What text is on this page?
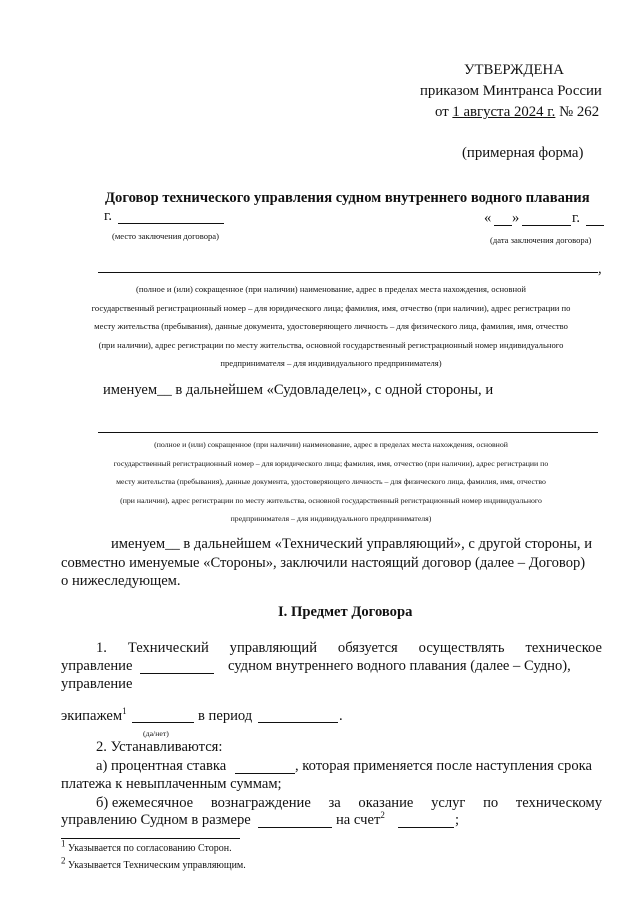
УТВЕРЖДЕНА
приказом Минтранса России
от 1 августа 2024 г. № 262
(примерная форма)
Договор технического управления судном внутреннего водного плавания
г.
(место заключения договора)
« »	г.
(дата заключения договора)
,
(полное и (или) сокращенное (при наличии) наименование, адрес в пределах места нахождения, основной
государственный регистрационный номер – для юридического лица; фамилия, имя, отчество (при наличии), адрес регистрации по
месту жительства (пребывания), данные документа, удостоверяющего личность – для физического лица, фамилия, имя, отчество
(при наличии), адрес регистрации по месту жительства, основной государственный регистрационный номер индивидуального
предпринимателя – для индивидуального предпринимателя)
именуем__ в дальнейшем «Судовладелец», с одной стороны, и
(полное и (или) сокращенное (при наличии) наименование, адрес в пределах места нахождения, основной
государственный регистрационный номер – для юридического лица; фамилия, имя, отчество (при наличии), адрес регистрации по
месту жительства (пребывания), данные документа, удостоверяющего личность – для физического лица, фамилия, имя, отчество
(при наличии), адрес регистрации по месту жительства, основной государственный регистрационный номер индивидуального
предпринимателя – для индивидуального предпринимателя)
именуем__ в дальнейшем «Технический управляющий», с другой стороны, и
совместно именуемые «Стороны», заключили настоящий договор (далее – Договор)
о нижеследующем.
I. Предмет Договора
1. Технический управляющий обязуется осуществлять техническое
управление	судном внутреннего водного плавания (далее – Судно),
управление
экипажем$^1$	в период	.
(да/нет)
2. Устанавливаются:
а) процентная ставка	, которая применяется после наступления срока
платежа к невыплаченным суммам;
б) ежемесячное вознаграждение за оказание услуг по техническому
управлению Судном в размере	на счет$^2$	;
$^1$ Указывается по согласованию Сторон.
$^2$ Указывается Техническим управляющим.
